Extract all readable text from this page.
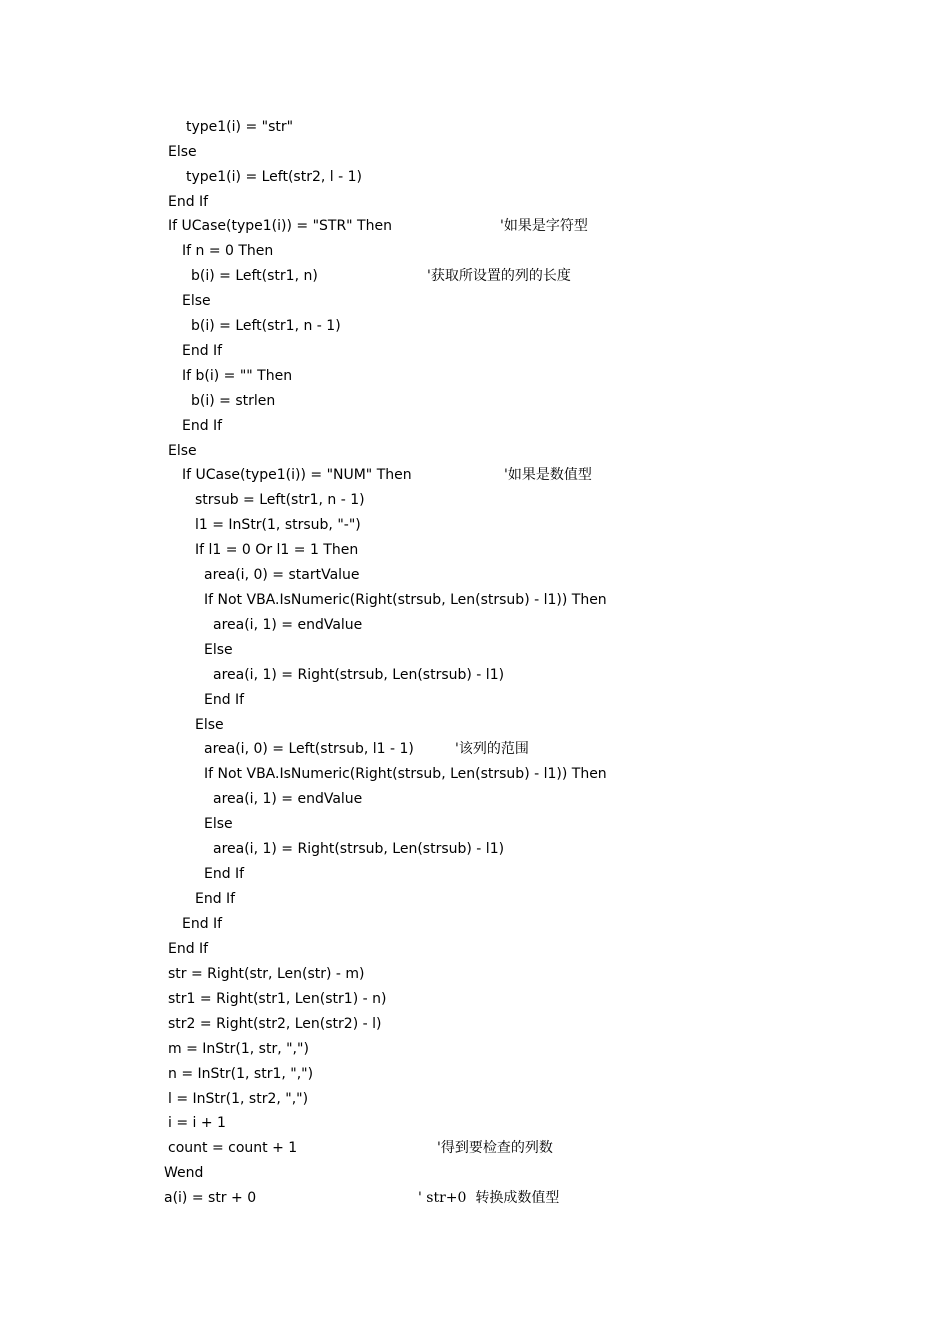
type1(i) = "str"
Else
type1(i) = Left(str2, l - 1)
End If
If UCase(type1(i)) = "STR" Then	'如果是字符型
If n = 0 Then
b(i) = Left(str1, n)	'获取所设置的列的长度
Else
b(i) = Left(str1, n - 1)
End If
If b(i) = "" Then
b(i) = strlen
End If
Else
If UCase(type1(i)) = "NUM" Then	'如果是数值型
strsub = Left(str1, n - 1)
l1 = InStr(1, strsub, "-")
If l1 = 0 Or l1 = 1 Then
area(i, 0) = startValue
If Not VBA.IsNumeric(Right(strsub, Len(strsub) - l1)) Then
area(i, 1) = endValue
Else
area(i, 1) = Right(strsub, Len(strsub) - l1)
End If
Else
area(i, 0) = Left(strsub, l1 - 1)	'该列的范围
If Not VBA.IsNumeric(Right(strsub, Len(strsub) - l1)) Then
area(i, 1) = endValue
Else
area(i, 1) = Right(strsub, Len(strsub) - l1)
End If
End If
End If
End If
str = Right(str, Len(str) - m)
str1 = Right(str1, Len(str1) - n)
str2 = Right(str2, Len(str2) - l)
m = InStr(1, str, ",")
n = InStr(1, str1, ",")
l = InStr(1, str2, ",")
i = i + 1
count = count + 1	'得到要检查的列数
Wend
a(i) = str + 0	' str+0  转换成数值型
